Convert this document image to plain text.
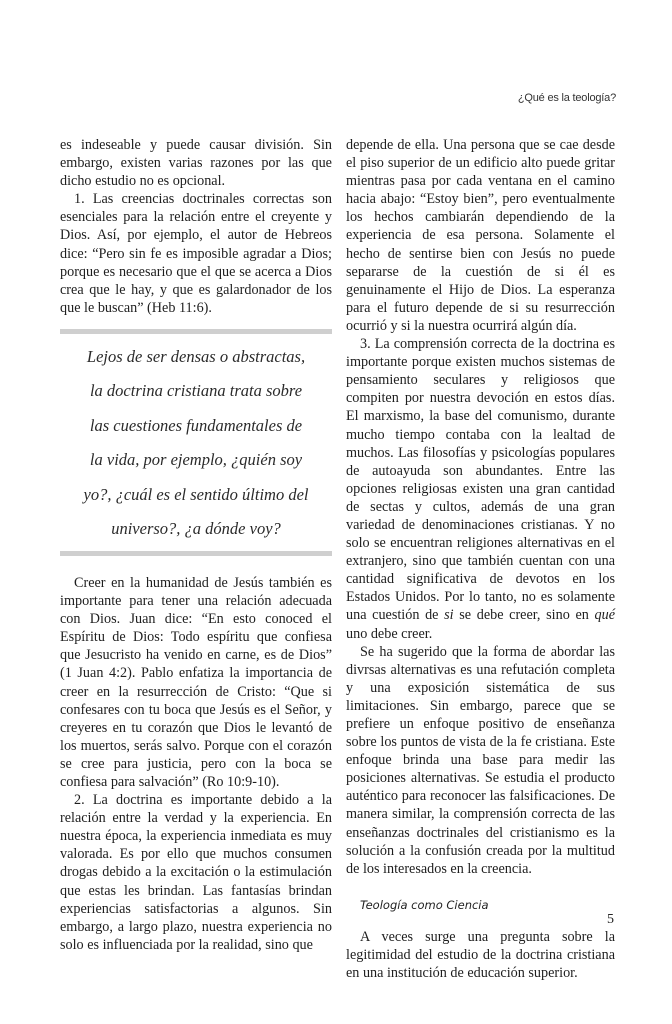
¿Qué es la teología?

es indeseable y puede causar división. Sin embargo, existen varias razones por las que dicho estudio no es opcional.

1. Las creencias doctrinales correctas son esenciales para la relación entre el creyente y Dios. Así, por ejemplo, el autor de Hebreos dice: “Pero sin fe es imposible agradar a Dios; porque es necesario que el que se acerca a Dios crea que le hay, y que es galardonador de los que le buscan” (Heb 11:6).

Lejos de ser densas o abstractas,

la doctrina cristiana trata sobre

las cuestiones fundamentales de

la vida, por ejemplo, ¿quién soy

yo?, ¿cuál es el sentido último del

universo?, ¿a dónde voy?

Creer en la humanidad de Jesús también es importante para tener una relación adecuada con Dios. Juan dice: “En esto conoced el Espíritu de Dios: Todo espíritu que confiesa que Jesucristo ha venido en carne, es de Dios” (1 Juan 4:2). Pablo enfatiza la importancia de creer en la resurrección de Cristo: “Que si confesares con tu boca que Jesús es el Señor, y creyeres en tu corazón que Dios le levantó de los muertos, serás salvo. Porque con el corazón se cree para justicia, pero con la boca se confiesa para salvación” (Ro 10:9-10).

2. La doctrina es importante debido a la relación entre la verdad y la experiencia. En nuestra época, la experiencia inmediata es muy valorada. Es por ello que muchos consumen drogas debido a la excitación o la estimulación que estas les brindan. Las fantasías brindan experiencias satisfactorias a algunos. Sin embargo, a largo plazo, nuestra experiencia no solo es influenciada por la realidad, sino que

depende de ella. Una persona que se cae desde el piso superior de un edificio alto puede gritar mientras pasa por cada ventana en el camino hacia abajo: “Estoy bien”, pero eventualmente los hechos cambiarán dependiendo de la experiencia de esa persona. Solamente el hecho de sentirse bien con Jesús no puede separarse de la cuestión de si él es genuinamente el Hijo de Dios. La esperanza para el futuro depende de si su resurrección ocurrió y si la nuestra ocurrirá algún día.

3. La comprensión correcta de la doctrina es importante porque existen muchos sistemas de pensamiento seculares y religiosos que compiten por nuestra devoción en estos días. El marxismo, la base del comunismo, durante mucho tiempo contaba con la lealtad de muchos. Las filosofías y psicologías populares de autoayuda son abundantes. Entre las opciones religiosas existen una gran cantidad de sectas y cultos, además de una gran variedad de denominaciones cristianas. Y no solo se encuentran religiones alternativas en el extranjero, sino que también cuentan con una cantidad significativa de devotos en los Estados Unidos. Por lo tanto, no es solamente una cuestión de si se debe creer, sino en qué uno debe creer.

Se ha sugerido que la forma de abordar las divrsas alternativas es una refutación completa y una exposición sistemática de sus limitaciones. Sin embargo, parece que se prefiere un enfoque positivo de enseñanza sobre los puntos de vista de la fe cristiana. Este enfoque brinda una base para medir las posiciones alternativas. Se estudia el producto auténtico para reconocer las falsificaciones. De manera similar, la comprensión correcta de las enseñanzas doctrinales del cristianismo es la solución a la confusión creada por la multitud de los interesados en la creencia.

Teología como Ciencia

A veces surge una pregunta sobre la legitimidad del estudio de la doctrina cristiana en una institución de educación superior.

5
